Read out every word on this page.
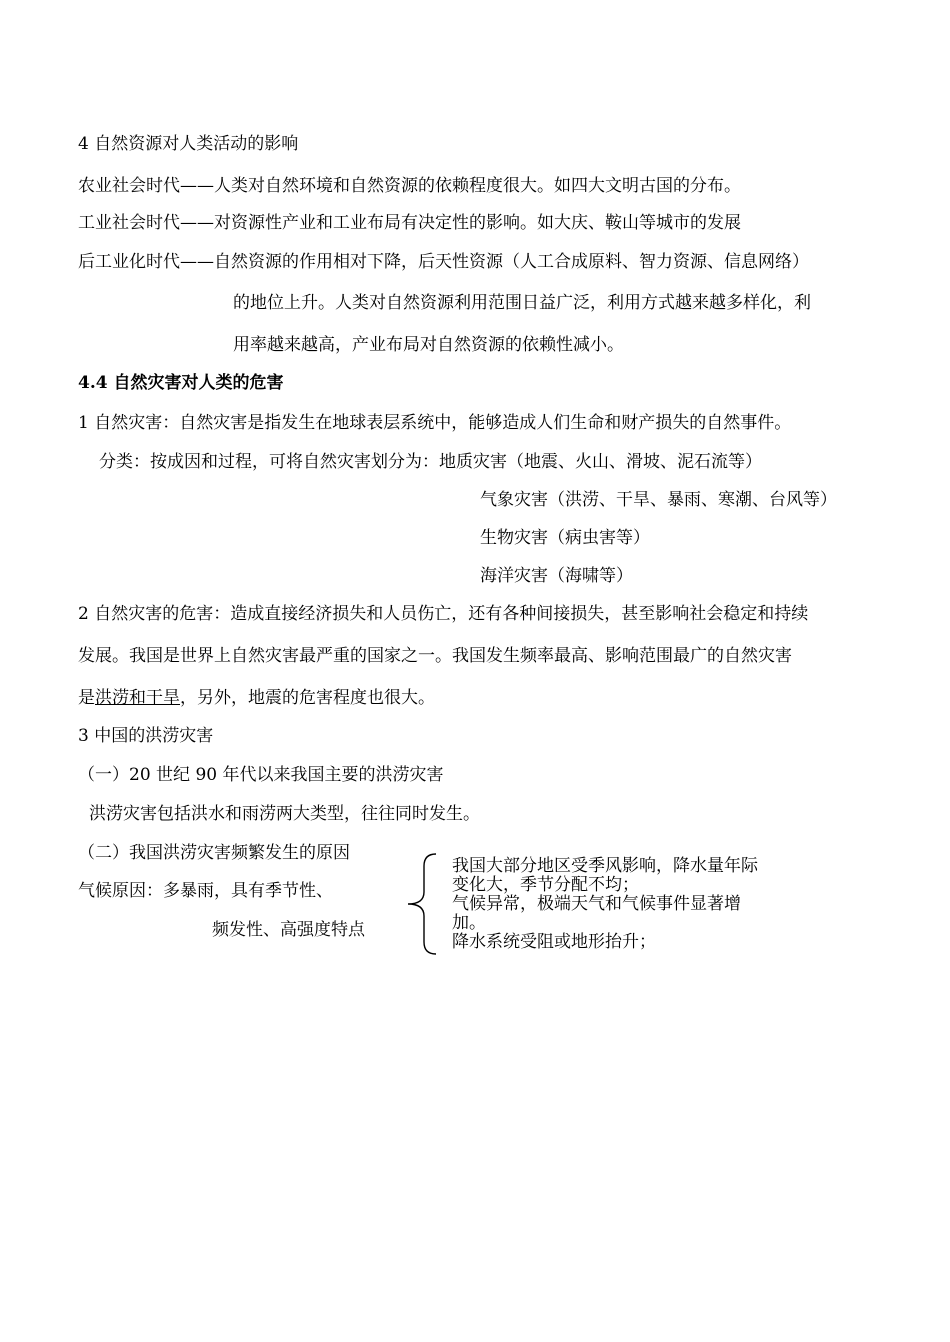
4 自然资源对人类活动的影响
农业社会时代——人类对自然环境和自然资源的依赖程度很大。如四大文明古国的分布。
工业社会时代——对资源性产业和工业布局有决定性的影响。如大庆、鞍山等城市的发展
后工业化时代——自然资源的作用相对下降，后天性资源（人工合成原料、智力资源、信息网络）
的地位上升。人类对自然资源利用范围日益广泛，利用方式越来越多样化，利
用率越来越高，产业布局对自然资源的依赖性减小。
4.4 自然灾害对人类的危害
1 自然灾害：自然灾害是指发生在地球表层系统中，能够造成人们生命和财产损失的自然事件。
分类：按成因和过程，可将自然灾害划分为：地质灾害（地震、火山、滑坡、泥石流等）
气象灾害（洪涝、干旱、暴雨、寒潮、台风等）
生物灾害（病虫害等）
海洋灾害（海啸等）
2 自然灾害的危害：造成直接经济损失和人员伤亡，还有各种间接损失，甚至影响社会稳定和持续
发展。我国是世界上自然灾害最严重的国家之一。我国发生频率最高、影响范围最广的自然灾害
是洪涝和干旱，另外，地震的危害程度也很大。
3 中国的洪涝灾害
（一）20 世纪 90 年代以来我国主要的洪涝灾害
洪涝灾害包括洪水和雨涝两大类型，往往同时发生。
（二）我国洪涝灾害频繁发生的原因
气候原因：多暴雨，具有季节性、
频发性、高强度特点
我国大部分地区受季风影响，降水量年际变化大，季节分配不均；
气候异常，极端天气和气候事件显著增加。
降水系统受阻或地形抬升；
